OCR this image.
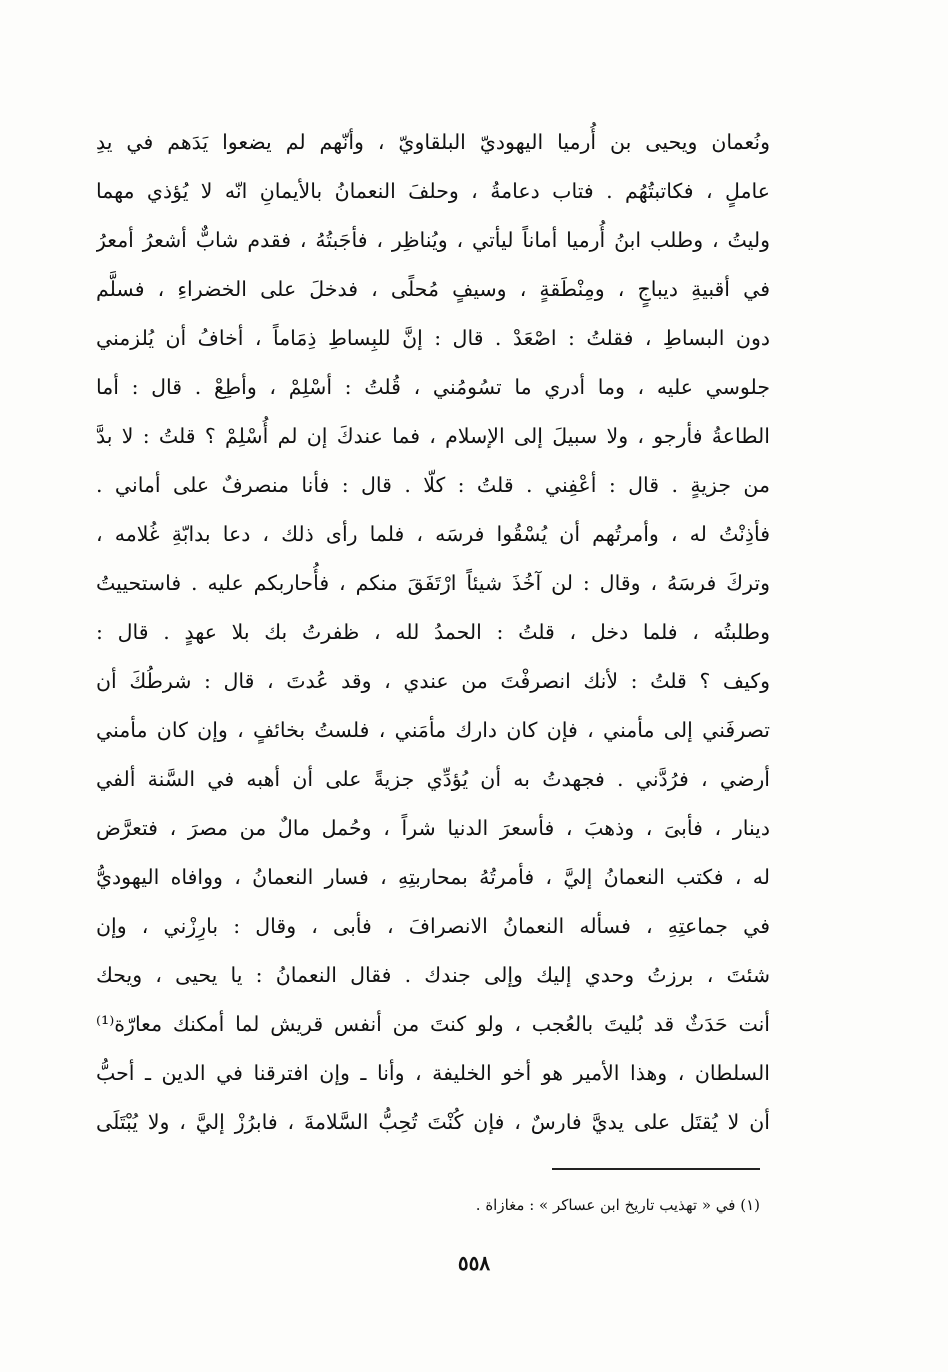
ونُعمان ويحيى بن أُرميا اليهوديّ البلقاويّ ، وأنّهم لم يضعوا يَدَهم في يدِ
عاملٍ ، فكاتبتُهُم . فتاب دعامةُ ، وحلفَ النعمانُ بالأيمانِ انّه لا يُؤذي مهما
وليتُ ، وطلب ابنُ أُرميا أماناً ليأتي ، ويُناظِر ، فأجَبتُهُ ، فقدم شابٌّ أشعرُ أمعرُ
في أقبيةِ ديباجٍ ، ومِنْطَقةٍ ، وسيفٍ مُحلًى ، فدخلَ على الخضراءِ ، فسلَّم
دون البساطِ ، فقلتُ : اصْعَدْ . قال : إنَّ للبِساطِ ذِمَاماً ، أخافُ أن يُلزمني
جلوسي عليه ، وما أدري ما تسُومُني ، قُلتُ : أسْلِمْ ، وأطِعْ . قال : أما
الطاعةُ فأرجو ، ولا سبيلَ إلى الإسلام ، فما عندكَ إن لم أُسْلِمْ ؟ قلتُ : لا بدَّ
من جزيةٍ . قال : أعْفِني . قلتُ : كلّا . قال : فأنا منصرفٌ على أماني .
فأذِنْتُ له ، وأمرتُهم أن يُسْقُوا فرسَه ، فلما رأى ذلك ، دعا بدابّةِ غُلامه ،
وتركَ فرسَهُ ، وقال : لن آخُذَ شيئاً ارْتَفَقَ منكم ، فأُحاربكم عليه . فاستحييتُ
وطلبتُه ، فلما دخل ، قلتُ : الحمدُ لله ، ظفرتُ بك بلا عهدٍ . قال :
وكيف ؟ قلتُ : لأنك انصرفْتَ من عندي ، وقد عُدتَ ، قال : شرطُكَ أن
تصرفَني إلى مأمني ، فإن كان دارك مأمَني ، فلستُ بخائفٍ ، وإن كان مأمني
أرضي ، فرُدَّني . فجهدتُ به أن يُؤدِّي جزيةً على أن أهبه في السَّنة ألفي
دينار ، فأبىَ ، وذهبَ ، فأسعرَ الدنيا شراً ، وحُمل مالٌ من مصرَ ، فتعرَّض
له ، فكتب النعمانُ إليَّ ، فأمرتُهُ بمحاربتِهِ ، فسار النعمانُ ، ووافاه اليهوديُّ
في جماعتِهِ ، فسأله النعمانُ الانصرافَ ، فأبى ، وقال : بارِزْني ، وإن
شئتَ ، برزتُ وحدي إليك وإلى جندك . فقال النعمانُ : يا يحيى ، ويحك
أنت حَدَثٌ قد بُليتَ بالعُجب ، ولو كنتَ من أنفس قريش لما أمكنك معارّة⁽¹⁾
السلطان ، وهذا الأمير هو أخو الخليفة ، وأنا ـ وإن افترقنا في الدين ـ أحبُّ
أن لا يُقتَل على يديَّ فارسٌ ، فإن كُنْتَ تُحِبُّ السَّلامةَ ، فابرُزْ إليَّ ، ولا يُبْتَلَى
(١) في « تهذيب تاريخ ابن عساكر » : مغازاة .
٥٥٨
